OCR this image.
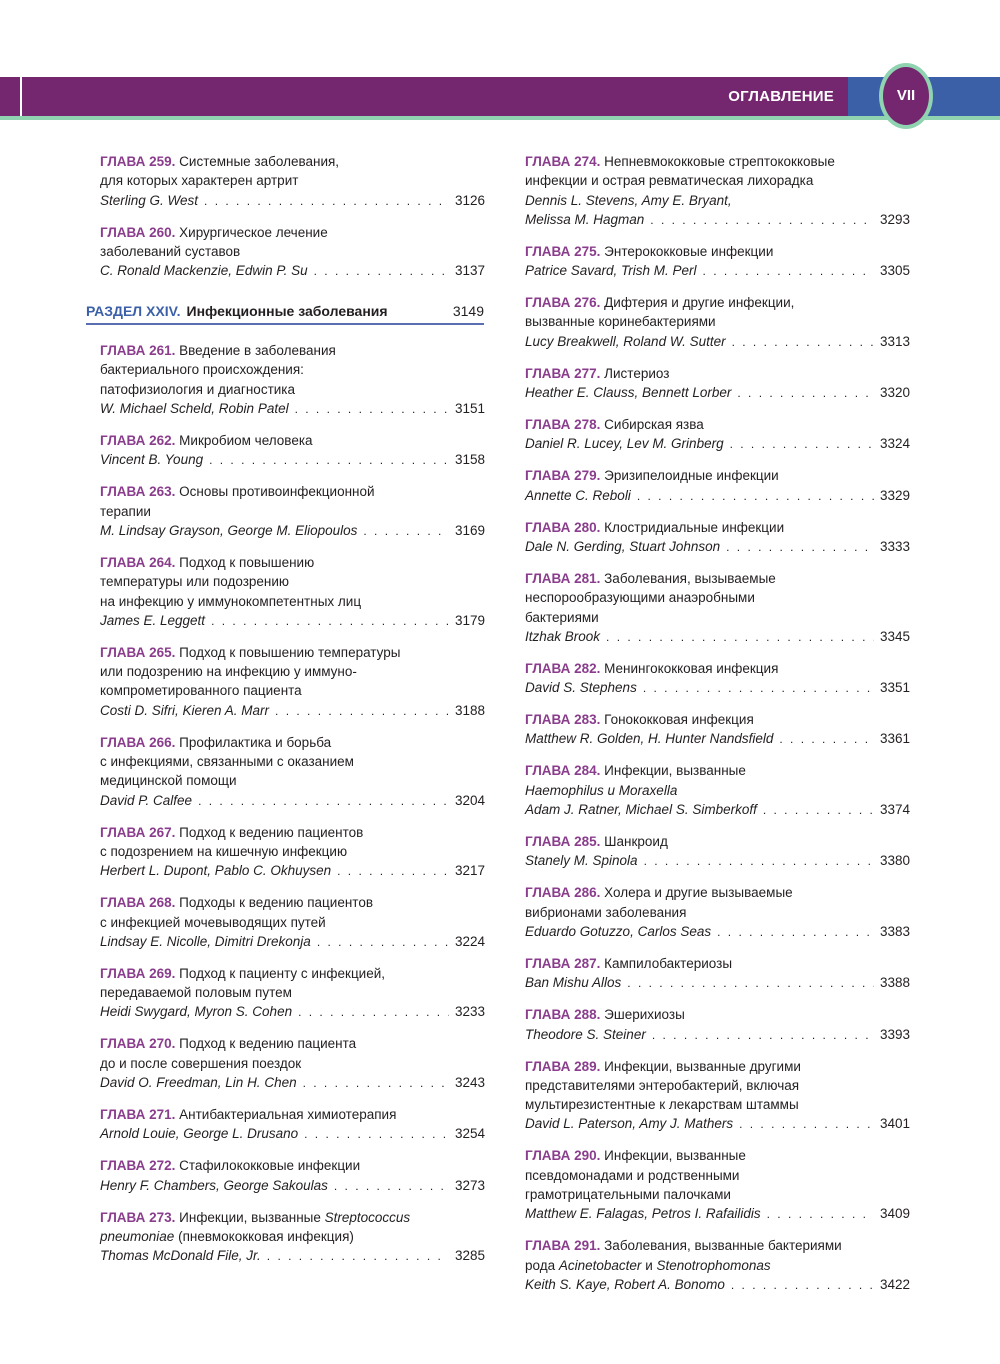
ОГЛАВЛЕНИЕ	VII

ГЛАВА 259. Системные заболевания,

для которых характерен артрит

Sterling G. West . . .	3126

ГЛАВА 260. Хирургическое лечение

заболеваний суставов

C. Ronald Mackenzie, Edwin P. Su . . .	3137
РАЗДЕЛ XXIV. Инфекционные заболевания	3149

ГЛАВА 261. Введение в заболевания

бактериального происхождения:

патофизиология и диагностика

W. Michael Scheld, Robin Patel . . .	3151

ГЛАВА 262. Микробиом человека

Vincent B. Young . . .	3158

ГЛАВА 263. Основы противоинфекционной

терапии

M. Lindsay Grayson, George M. Eliopoulos . . .	3169

ГЛАВА 264. Подход к повышению

температуры или подозрению

на инфекцию у иммунокомпетентных лиц

James E. Leggett . . .	3179

ГЛАВА 265. Подход к повышению температуры

или подозрению на инфекцию у иммуно-

компрометированного пациента

Costi D. Sifri, Kieren A. Marr . . .	3188

ГЛАВА 266. Профилактика и борьба

с инфекциями, связанными с оказанием

медицинской помощи

David P. Calfee . . .	3204

ГЛАВА 267. Подход к ведению пациентов

с подозрением на кишечную инфекцию

Herbert L. Dupont, Pablo C. Okhuysen . . .	3217

ГЛАВА 268. Подходы к ведению пациентов

с инфекцией мочевыводящих путей

Lindsay E. Nicolle, Dimitri Drekonja . . .	3224

ГЛАВА 269. Подход к пациенту с инфекцией,

передаваемой половым путем

Heidi Swygard, Myron S. Cohen . . .	3233

ГЛАВА 270. Подход к ведению пациента

до и после совершения поездок

David O. Freedman, Lin H. Chen . . .	3243

ГЛАВА 271. Антибактериальная химиотерапия

Arnold Louie, George L. Drusano . . .	3254

ГЛАВА 272. Стафилококковые инфекции

Henry F. Chambers, George Sakoulas . . .	3273

ГЛАВА 273. Инфекции, вызванные Streptococcus

pneumoniae (пневмококковая инфекция)

Thomas McDonald File, Jr. . . .	3285

ГЛАВА 274. Непневмококковые стрептококковые

инфекции и острая ревматическая лихорадка

Dennis L. Stevens, Amy E. Bryant,

Melissa M. Hagman . . .	3293

ГЛАВА 275. Энтерококковые инфекции

Patrice Savard, Trish M. Perl . . .	3305

ГЛАВА 276. Дифтерия и другие инфекции,

вызванные коринебактериями

Lucy Breakwell, Roland W. Sutter . . .	3313

ГЛАВА 277. Листериоз

Heather E. Clauss, Bennett Lorber . . .	3320

ГЛАВА 278. Сибирская язва

Daniel R. Lucey, Lev M. Grinberg . . .	3324

ГЛАВА 279. Эризипелоидные инфекции

Annette C. Reboli . . .	3329

ГЛАВА 280. Клостридиальные инфекции

Dale N. Gerding, Stuart Johnson . . .	3333

ГЛАВА 281. Заболевания, вызываемые

неспорообразующими анаэробными

бактериями

Itzhak Brook . . .	3345

ГЛАВА 282. Менингококковая инфекция

David S. Stephens . . .	3351

ГЛАВА 283. Гонококковая инфекция

Matthew R. Golden, H. Hunter Nandsfield . . .	3361

ГЛАВА 284. Инфекции, вызванные

Haemophilus и Moraxella

Adam J. Ratner, Michael S. Simberkoff . . .	3374

ГЛАВА 285. Шанкроид

Stanely M. Spinola . . .	3380

ГЛАВА 286. Холера и другие вызываемые

вибрионами заболевания

Eduardo Gotuzzo, Carlos Seas . . .	3383

ГЛАВА 287. Кампилобактериозы

Ban Mishu Allos . . .	3388

ГЛАВА 288. Эшерихиозы

Theodore S. Steiner . . .	3393

ГЛАВА 289. Инфекции, вызванные другими

представителями энтеробактерий, включая

мультирезистентные к лекарствам штаммы

David L. Paterson, Amy J. Mathers . . .	3401

ГЛАВА 290. Инфекции, вызванные

псевдомонадами и родственными

грамотрицательными палочками

Matthew E. Falagas, Petros I. Rafailidis . . .	3409

ГЛАВА 291. Заболевания, вызванные бактериями

рода Acinetobacter и Stenotrophomonas

Keith S. Kaye, Robert A. Bonomo . . .	3422
